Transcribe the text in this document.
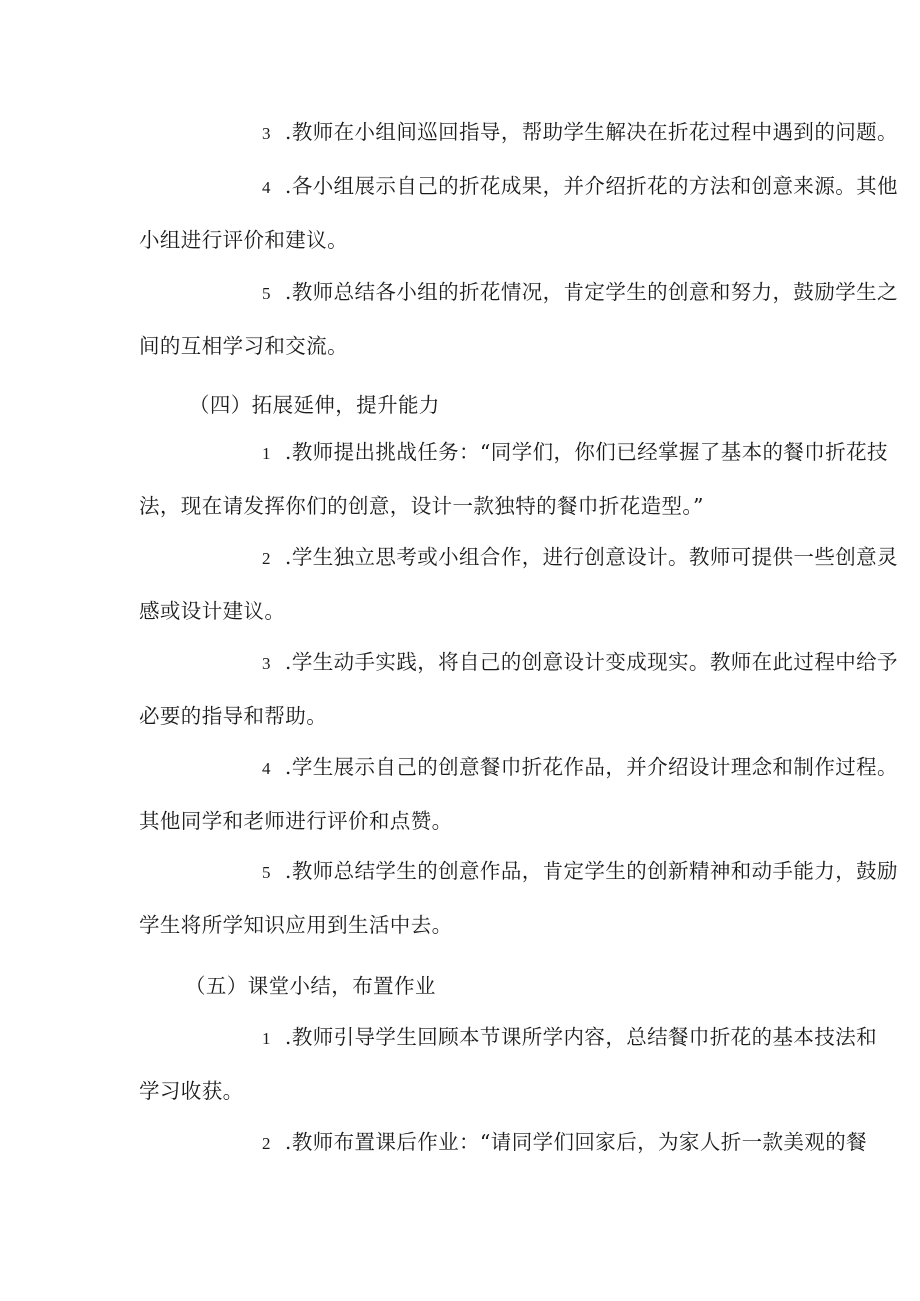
3 .教师在小组间巡回指导，帮助学生解决在折花过程中遇到的问题。

4 .各小组展示自己的折花成果，并介绍折花的方法和创意来源。其他
小组进行评价和建议。

5 .教师总结各小组的折花情况，肯定学生的创意和努力，鼓励学生之
间的互相学习和交流。

（四）拓展延伸，提升能力

1 .教师提出挑战任务：“同学们，你们已经掌握了基本的餐巾折花技
法，现在请发挥你们的创意，设计一款独特的餐巾折花造型。”

2 .学生独立思考或小组合作，进行创意设计。教师可提供一些创意灵
感或设计建议。

3 .学生动手实践，将自己的创意设计变成现实。教师在此过程中给予
必要的指导和帮助。

4 .学生展示自己的创意餐巾折花作品，并介绍设计理念和制作过程。
其他同学和老师进行评价和点赞。

5 .教师总结学生的创意作品，肯定学生的创新精神和动手能力，鼓励
学生将所学知识应用到生活中去。

（五）课堂小结，布置作业

1 .教师引导学生回顾本节课所学内容，总结餐巾折花的基本技法和
学习收获。

2 .教师布置课后作业：“请同学们回家后，为家人折一款美观的餐
